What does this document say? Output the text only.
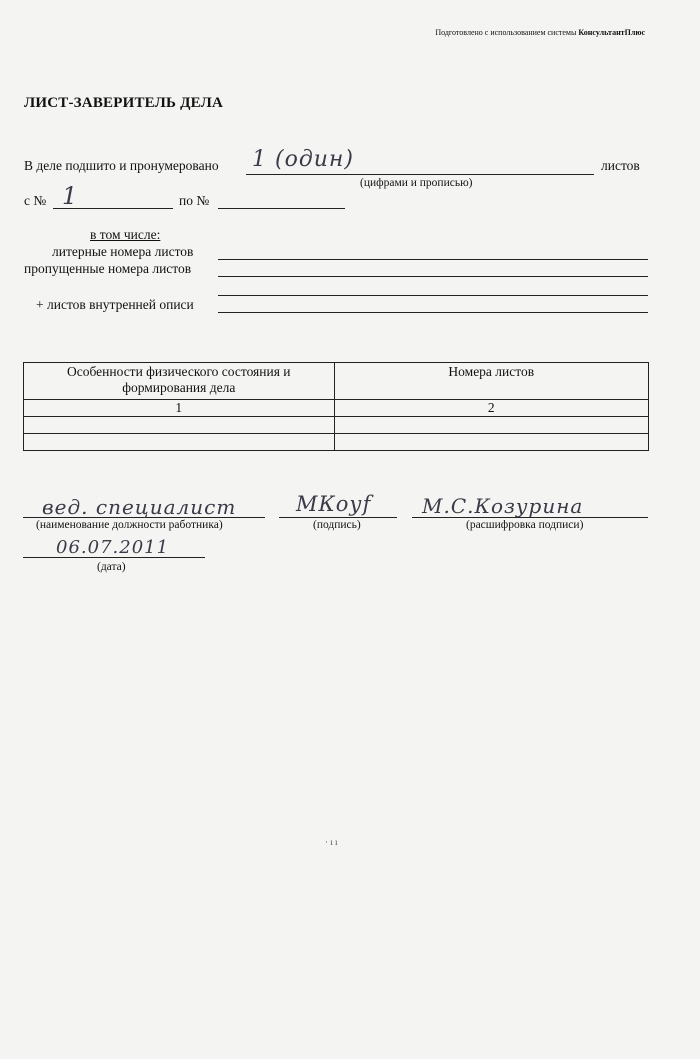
Подготовлено с использованием системы КонсультантПлюс
ЛИСТ-ЗАВЕРИТЕЛЬ ДЕЛА
В деле подшито и пронумеровано 1 (один)	листов
(цифрами и прописью)
с № 1	по №
в том числе:
литерные номера листов
пропущенные номера листов
+ листов внутренней описи
Особенности физического состояния и формирования дела	Номера листов
1	2

вед. специалист
(наименование должности работника)
МКоуf
(подпись)
М.С.Козурина
(расшифровка подписи)
06.07.2011
(дата)
· ı ı
